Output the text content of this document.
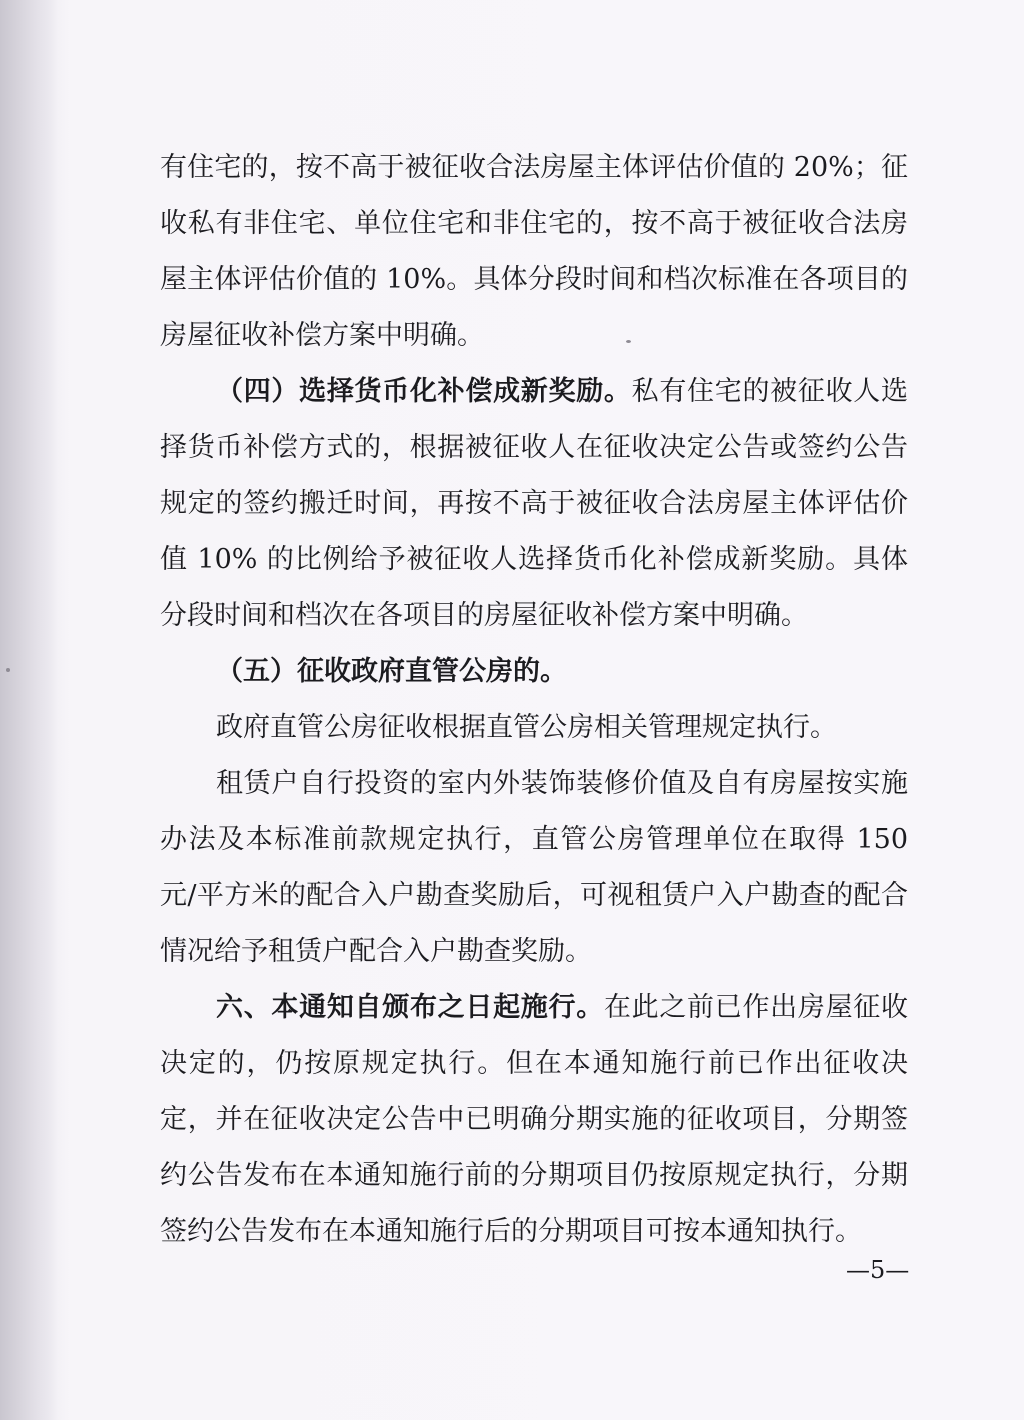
有住宅的，按不高于被征收合法房屋主体评估价值的 20%；征收私有非住宅、单位住宅和非住宅的，按不高于被征收合法房屋主体评估价值的 10%。具体分段时间和档次标准在各项目的房屋征收补偿方案中明确。

（四）选择货币化补偿成新奖励。私有住宅的被征收人选择货币补偿方式的，根据被征收人在征收决定公告或签约公告规定的签约搬迁时间，再按不高于被征收合法房屋主体评估价值 10% 的比例给予被征收人选择货币化补偿成新奖励。具体分段时间和档次在各项目的房屋征收补偿方案中明确。

（五）征收政府直管公房的。

政府直管公房征收根据直管公房相关管理规定执行。

租赁户自行投资的室内外装饰装修价值及自有房屋按实施办法及本标准前款规定执行，直管公房管理单位在取得 150 元/平方米的配合入户勘查奖励后，可视租赁户入户勘查的配合情况给予租赁户配合入户勘查奖励。

六、本通知自颁布之日起施行。在此之前已作出房屋征收决定的，仍按原规定执行。但在本通知施行前已作出征收决定，并在征收决定公告中已明确分期实施的征收项目，分期签约公告发布在本通知施行前的分期项目仍按原规定执行，分期签约公告发布在本通知施行后的分期项目可按本通知执行。

—5—
